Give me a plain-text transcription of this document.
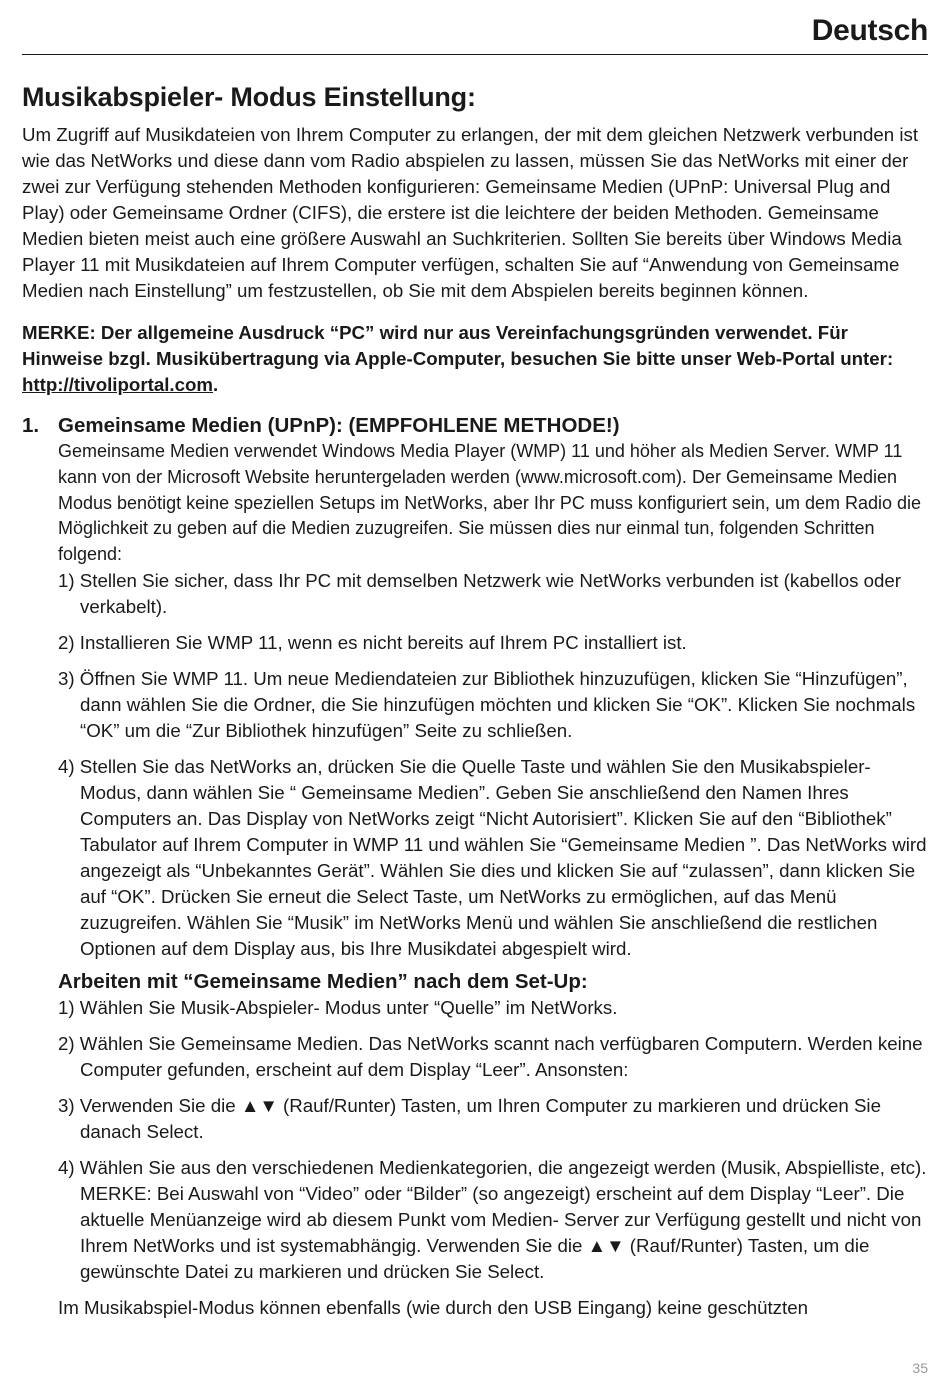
Deutsch
Musikabspieler- Modus Einstellung:

Um Zugriff auf Musikdateien von Ihrem Computer zu erlangen, der mit dem gleichen Netzwerk verbunden ist wie das NetWorks und diese dann vom Radio abspielen zu lassen, müssen Sie das NetWorks mit einer der zwei zur Verfügung stehenden Methoden konfigurieren: Gemeinsame Medien (UPnP: Universal Plug and Play) oder Gemeinsame Ordner (CIFS), die erstere ist die leichtere der beiden Methoden. Gemeinsame Medien bieten meist auch eine größere Auswahl an Suchkriterien. Sollten Sie bereits über Windows Media Player 11 mit Musikdateien auf Ihrem Computer verfügen, schalten Sie auf “Anwendung von Gemeinsame Medien nach Einstellung” um festzustellen, ob Sie mit dem Abspielen bereits beginnen können.

MERKE: Der allgemeine Ausdruck “PC” wird nur aus Vereinfachungsgründen verwendet. Für Hinweise bzgl. Musikübertragung via Apple-Computer, besuchen Sie bitte unser Web-Portal unter: http://tivoliportal.com.

1. Gemeinsame Medien (UPnP): (EMPFOHLENE METHODE!)

Gemeinsame Medien verwendet Windows Media Player (WMP) 11 und höher als Medien Server. WMP 11 kann von der Microsoft Website heruntergeladen werden (www.microsoft.com). Der Gemeinsame Medien Modus benötigt keine speziellen Setups im NetWorks, aber Ihr PC muss konfiguriert sein, um dem Radio die Möglichkeit zu geben auf die Medien zuzugreifen. Sie müssen dies nur einmal tun, folgenden Schritten folgend:

1) Stellen Sie sicher, dass Ihr PC mit demselben Netzwerk wie NetWorks verbunden ist (kabellos oder verkabelt).

2) Installieren Sie WMP 11, wenn es nicht bereits auf Ihrem PC installiert ist.

3) Öffnen Sie WMP 11. Um neue Mediendateien zur Bibliothek hinzuzufügen, klicken Sie “Hinzufügen”, dann wählen Sie die Ordner, die Sie hinzufügen möchten und klicken Sie “OK”. Klicken Sie nochmals “OK” um die “Zur Bibliothek hinzufügen” Seite zu schließen.

4) Stellen Sie das NetWorks an, drücken Sie die Quelle Taste und wählen Sie den Musikabspieler-Modus, dann wählen Sie “ Gemeinsame Medien”. Geben Sie anschließend den Namen Ihres Computers an. Das Display von NetWorks zeigt “Nicht Autorisiert”. Klicken Sie auf den “Bibliothek” Tabulator auf Ihrem Computer in WMP 11 und wählen Sie “Gemeinsame Medien ”. Das NetWorks wird angezeigt als “Unbekanntes Gerät”. Wählen Sie dies und klicken Sie auf “zulassen”, dann klicken Sie auf “OK”. Drücken Sie erneut die Select Taste, um NetWorks zu ermöglichen, auf das Menü zuzugreifen. Wählen Sie “Musik” im NetWorks Menü und wählen Sie anschließend die restlichen Optionen auf dem Display aus, bis Ihre Musikdatei abgespielt wird.

Arbeiten mit “Gemeinsame Medien” nach dem Set-Up:

1) Wählen Sie Musik-Abspieler- Modus unter “Quelle” im NetWorks.

2) Wählen Sie Gemeinsame Medien. Das NetWorks scannt nach verfügbaren Computern. Werden keine Computer gefunden, erscheint auf dem Display “Leer”. Ansonsten:

3) Verwenden Sie die ▲▼ (Rauf/Runter) Tasten, um Ihren Computer zu markieren und drücken Sie danach Select.

4) Wählen Sie aus den verschiedenen Medienkategorien, die angezeigt werden (Musik, Abspielliste, etc). MERKE: Bei Auswahl von “Video” oder “Bilder” (so angezeigt) erscheint auf dem Display “Leer”. Die aktuelle Menüanzeige wird ab diesem Punkt vom Medien- Server zur Verfügung gestellt und nicht von Ihrem NetWorks und ist systemabhängig. Verwenden Sie die ▲▼ (Rauf/Runter) Tasten, um die gewünschte Datei zu markieren und drücken Sie Select.

Im Musikabspiel-Modus können ebenfalls (wie durch den USB Eingang) keine geschützten

35
